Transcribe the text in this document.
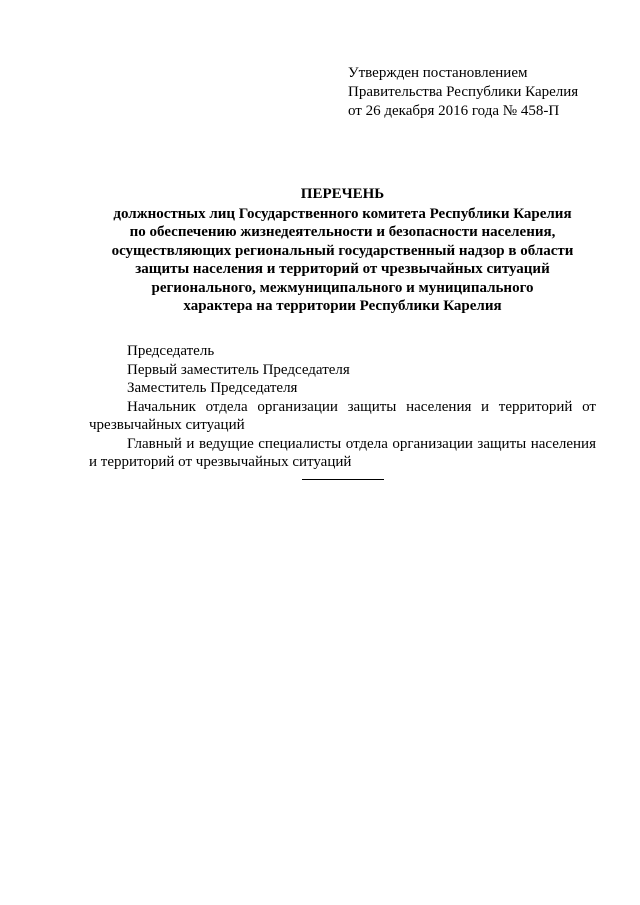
Утвержден постановлением
Правительства Республики Карелия
от 26 декабря 2016 года № 458-П
ПЕРЕЧЕНЬ
должностных лиц Государственного комитета Республики Карелия
по обеспечению жизнедеятельности и безопасности населения,
осуществляющих региональный государственный надзор в области
защиты населения и территорий от чрезвычайных ситуаций
регионального, межмуниципального и муниципального
характера на территории Республики Карелия
Председатель
Первый заместитель Председателя
Заместитель Председателя
Начальник отдела организации защиты населения и территорий от чрезвычайных ситуаций
Главный и ведущие специалисты отдела организации защиты населения и территорий от чрезвычайных ситуаций
